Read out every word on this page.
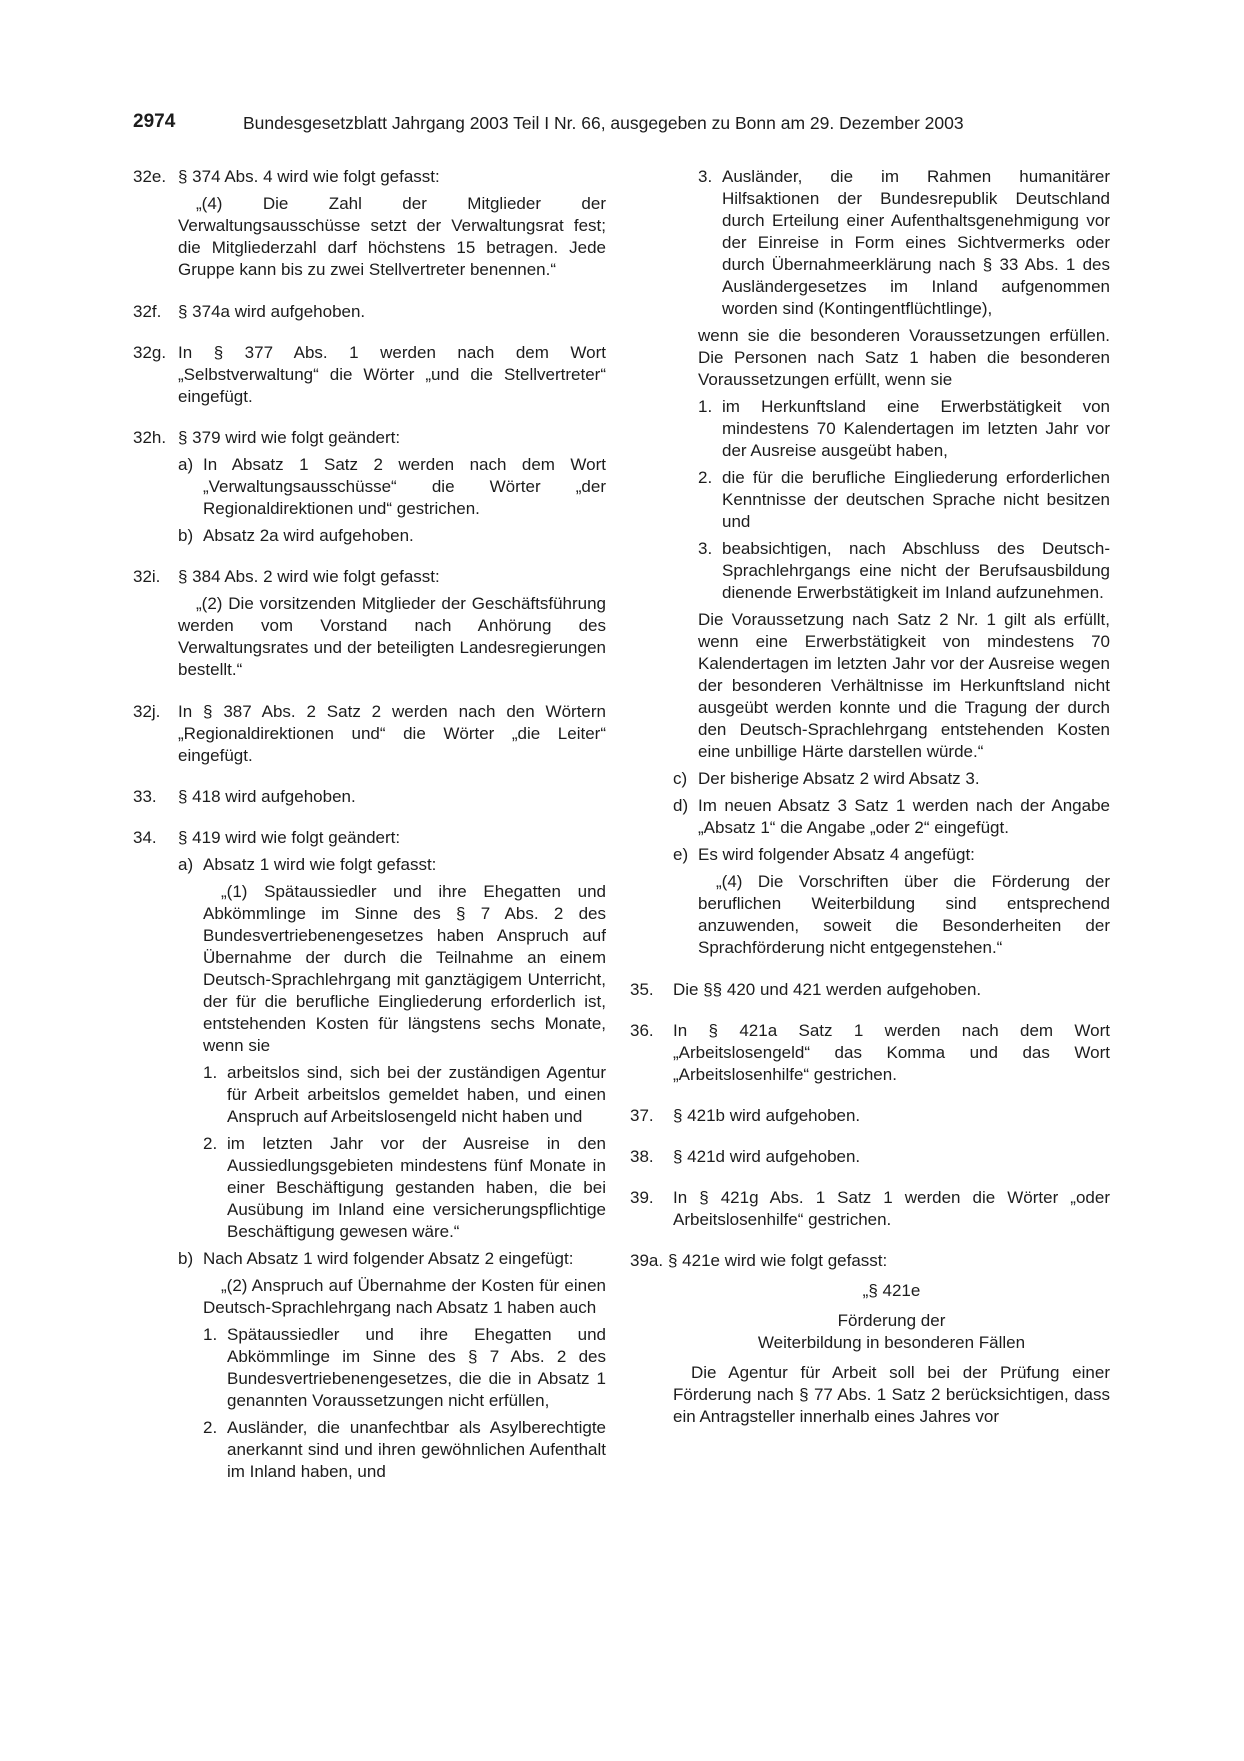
2974	Bundesgesetzblatt Jahrgang 2003 Teil I Nr. 66, ausgegeben zu Bonn am 29. Dezember 2003
32e. § 374 Abs. 4 wird wie folgt gefasst:

„(4) Die Zahl der Mitglieder der Verwaltungsausschüsse setzt der Verwaltungsrat fest; die Mitgliederzahl darf höchstens 15 betragen. Jede Gruppe kann bis zu zwei Stellvertreter benennen.“

32f. § 374a wird aufgehoben.
32g. In § 377 Abs. 1 werden nach dem Wort „Selbstverwaltung“ die Wörter „und die Stellvertreter“ eingefügt.
32h. § 379 wird wie folgt geändert:
a) In Absatz 1 Satz 2 werden nach dem Wort „Verwaltungsausschüsse“ die Wörter „der Regionaldirektionen und“ gestrichen.
b) Absatz 2a wird aufgehoben.
32i.	§ 384 Abs. 2 wird wie folgt gefasst:

„(2) Die vorsitzenden Mitglieder der Geschäftsführung werden vom Vorstand nach Anhörung des Verwaltungsrates und der beteiligten Landesregierungen bestellt.“

32j.	In § 387 Abs. 2 Satz 2 werden nach den Wörtern „Regionaldirektionen und“ die Wörter „die Leiter“ eingefügt.
33.	§ 418 wird aufgehoben.
34.	§ 419 wird wie folgt geändert:
a) Absatz 1 wird wie folgt gefasst:

„(1) Spätaussiedler und ihre Ehegatten und Abkömmlinge im Sinne des § 7 Abs. 2 des Bundesvertriebenengesetzes haben Anspruch auf Übernahme der durch die Teilnahme an einem Deutsch-Sprachlehrgang mit ganztägigem Unterricht, der für die berufliche Eingliederung erforderlich ist, entstehenden Kosten für längstens sechs Monate, wenn sie

1. arbeitslos sind, sich bei der zuständigen Agentur für Arbeit arbeitslos gemeldet haben, und einen Anspruch auf Arbeitslosengeld nicht haben und
2. im letzten Jahr vor der Ausreise in den Aussiedlungsgebieten mindestens fünf Monate in einer Beschäftigung gestanden haben, die bei Ausübung im Inland eine versicherungspflichtige Beschäftigung gewesen wäre.“
b) Nach Absatz 1 wird folgender Absatz 2 eingefügt:

„(2) Anspruch auf Übernahme der Kosten für einen Deutsch-Sprachlehrgang nach Absatz 1 haben auch

1. Spätaussiedler und ihre Ehegatten und Abkömmlinge im Sinne des § 7 Abs. 2 des Bundesvertriebenengesetzes, die die in Absatz 1 genannten Voraussetzungen nicht erfüllen,
2. Ausländer, die unanfechtbar als Asylberechtigte anerkannt sind und ihren gewöhnlichen Aufenthalt im Inland haben, und
3. Ausländer, die im Rahmen humanitärer Hilfsaktionen der Bundesrepublik Deutschland durch Erteilung einer Aufenthaltsgenehmigung vor der Einreise in Form eines Sichtvermerks oder durch Übernahmeerklärung nach § 33 Abs. 1 des Ausländergesetzes im Inland aufgenommen worden sind (Kontingentflüchtlinge),

wenn sie die besonderen Voraussetzungen erfüllen. Die Personen nach Satz 1 haben die besonderen Voraussetzungen erfüllt, wenn sie

1. im Herkunftsland eine Erwerbstätigkeit von mindestens 70 Kalendertagen im letzten Jahr vor der Ausreise ausgeübt haben,
2. die für die berufliche Eingliederung erforderlichen Kenntnisse der deutschen Sprache nicht besitzen und
3. beabsichtigen, nach Abschluss des Deutsch-Sprachlehrgangs eine nicht der Berufsausbildung dienende Erwerbstätigkeit im Inland aufzunehmen.

Die Voraussetzung nach Satz 2 Nr. 1 gilt als erfüllt, wenn eine Erwerbstätigkeit von mindestens 70 Kalendertagen im letzten Jahr vor der Ausreise wegen der besonderen Verhältnisse im Herkunftsland nicht ausgeübt werden konnte und die Tragung der durch den Deutsch-Sprachlehrgang entstehenden Kosten eine unbillige Härte darstellen würde.“

c) Der bisherige Absatz 2 wird Absatz 3.
d) Im neuen Absatz 3 Satz 1 werden nach der Angabe „Absatz 1“ die Angabe „oder 2“ eingefügt.
e) Es wird folgender Absatz 4 angefügt:

„(4) Die Vorschriften über die Förderung der beruflichen Weiterbildung sind entsprechend anzuwenden, soweit die Besonderheiten der Sprachförderung nicht entgegenstehen.“

35.	Die §§ 420 und 421 werden aufgehoben.
36.	In § 421a Satz 1 werden nach dem Wort „Arbeitslosengeld“ das Komma und das Wort „Arbeitslosenhilfe“ gestrichen.
37.	§ 421b wird aufgehoben.
38.	§ 421d wird aufgehoben.
39.	In § 421g Abs. 1 Satz 1 werden die Wörter „oder Arbeitslosenhilfe“ gestrichen.
39a. § 421e wird wie folgt gefasst:

„§ 421e

Förderung der

Weiterbildung in besonderen Fällen

Die Agentur für Arbeit soll bei der Prüfung einer Förderung nach § 77 Abs. 1 Satz 2 berücksichtigen, dass ein Antragsteller innerhalb eines Jahres vor
